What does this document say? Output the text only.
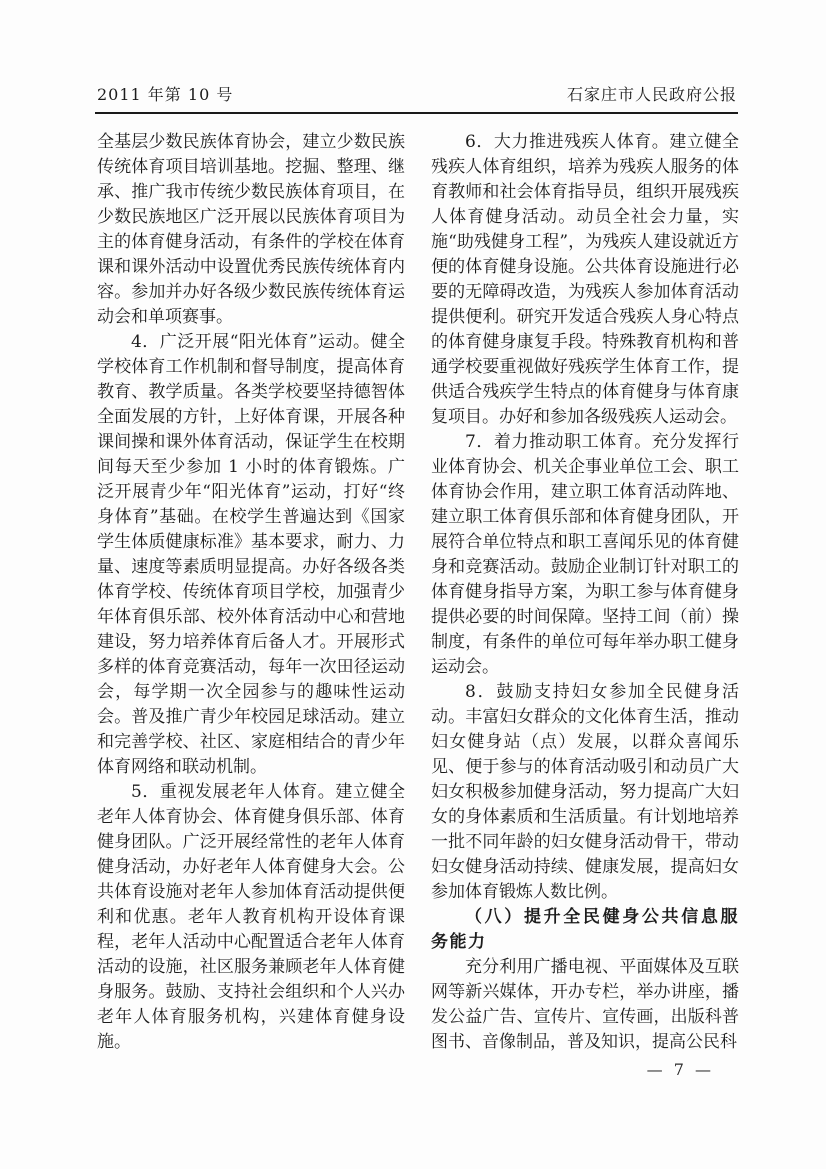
2011 年第 10 号	石家庄市人民政府公报

全基层少数民族体育协会，建立少数民族传统体育项目培训基地。挖掘、整理、继承、推广我市传统少数民族体育项目，在少数民族地区广泛开展以民族体育项目为主的体育健身活动，有条件的学校在体育课和课外活动中设置优秀民族传统体育内容。参加并办好各级少数民族传统体育运动会和单项赛事。

4．广泛开展“阳光体育”运动。健全学校体育工作机制和督导制度，提高体育教育、教学质量。各类学校要坚持德智体全面发展的方针，上好体育课，开展各种课间操和课外体育活动，保证学生在校期间每天至少参加 1 小时的体育锻炼。广泛开展青少年“阳光体育”运动，打好“终身体育”基础。在校学生普遍达到《国家学生体质健康标准》基本要求，耐力、力量、速度等素质明显提高。办好各级各类体育学校、传统体育项目学校，加强青少年体育俱乐部、校外体育活动中心和营地建设，努力培养体育后备人才。开展形式多样的体育竞赛活动，每年一次田径运动会，每学期一次全园参与的趣味性运动会。普及推广青少年校园足球活动。建立和完善学校、社区、家庭相结合的青少年体育网络和联动机制。

5．重视发展老年人体育。建立健全老年人体育协会、体育健身俱乐部、体育健身团队。广泛开展经常性的老年人体育健身活动，办好老年人体育健身大会。公共体育设施对老年人参加体育活动提供便利和优惠。老年人教育机构开设体育课程，老年人活动中心配置适合老年人体育活动的设施，社区服务兼顾老年人体育健身服务。鼓励、支持社会组织和个人兴办老年人体育服务机构，兴建体育健身设施。

6．大力推进残疾人体育。建立健全残疾人体育组织，培养为残疾人服务的体育教师和社会体育指导员，组织开展残疾人体育健身活动。动员全社会力量，实施“助残健身工程”，为残疾人建设就近方便的体育健身设施。公共体育设施进行必要的无障碍改造，为残疾人参加体育活动提供便利。研究开发适合残疾人身心特点的体育健身康复手段。特殊教育机构和普通学校要重视做好残疾学生体育工作，提供适合残疾学生特点的体育健身与体育康复项目。办好和参加各级残疾人运动会。

7．着力推动职工体育。充分发挥行业体育协会、机关企事业单位工会、职工体育协会作用，建立职工体育活动阵地、建立职工体育俱乐部和体育健身团队，开展符合单位特点和职工喜闻乐见的体育健身和竞赛活动。鼓励企业制订针对职工的体育健身指导方案，为职工参与体育健身提供必要的时间保障。坚持工间（前）操制度，有条件的单位可每年举办职工健身运动会。

8．鼓励支持妇女参加全民健身活动。丰富妇女群众的文化体育生活，推动妇女健身站（点）发展，以群众喜闻乐见、便于参与的体育活动吸引和动员广大妇女积极参加健身活动，努力提高广大妇女的身体素质和生活质量。有计划地培养一批不同年龄的妇女健身活动骨干，带动妇女健身活动持续、健康发展，提高妇女参加体育锻炼人数比例。

（八）提升全民健身公共信息服务能力

充分利用广播电视、平面媒体及互联网等新兴媒体，开办专栏，举办讲座，播发公益广告、宣传片、宣传画，出版科普图书、音像制品，普及知识，提高公民科

— 7 —
